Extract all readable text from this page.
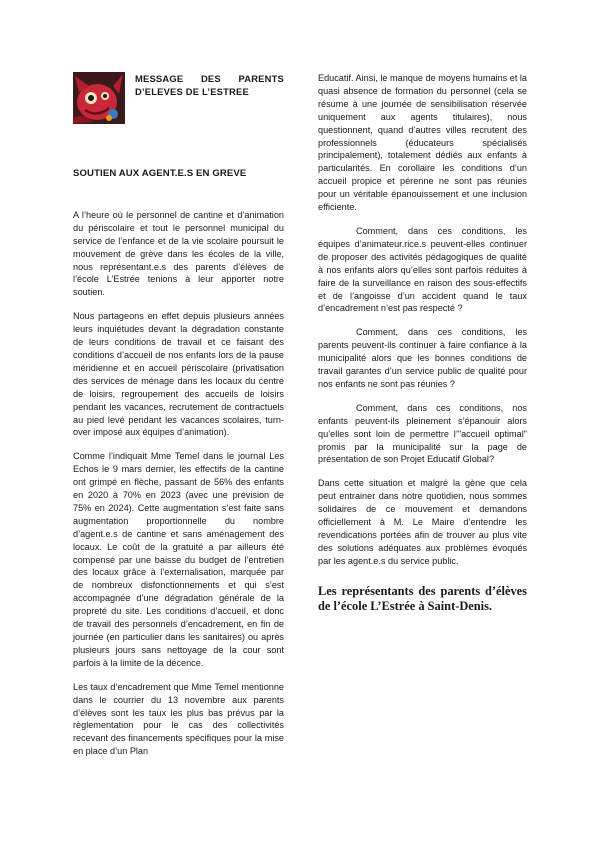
MESSAGE DES PARENTS D’ELEVES DE L’ESTREE
SOUTIEN AUX AGENT.E.S EN GREVE

A l’heure où le personnel de cantine et d’animation du périscolaire et tout le personnel municipal du service de l’enfance et de la vie scolaire poursuit le mouvement de grève dans les écoles de la ville, nous représentant.e.s des parents d’élèves de l’école L’Estrée tenions à leur apporter notre soutien.

Nous partageons en effet depuis plusieurs années leurs inquiétudes devant la dégradation constante de leurs conditions de travail et ce faisant des conditions d’accueil de nos enfants lors de la pause méridienne et en accueil périscolaire (privatisation des services de ménage dans les locaux du centre de loisirs, regroupement des accueils de loisirs pendant les vacances, recrutement de contractuels au pied levé pendant les vacances scolaires, turn-over imposé aux équipes d’animation).

Comme l’indiquait Mme Temel dans le journal Les Echos le 9 mars dernier, les effectifs de la cantine ont grimpé en flèche, passant de 56% des enfants en 2020 à 70% en 2023 (avec une prévision de 75% en 2024). Cette augmentation s’est faite sans augmentation proportionnelle du nombre d’agent.e.s de cantine et sans aménagement des locaux. Le coût de la gratuité a par ailleurs été compensé par une baisse du budget de l’entretien des locaux grâce à l’externalisation, marquée par de nombreux disfonctionnements et qui s’est accompagnée d’une dégradation générale de la propreté du site. Les conditions d’accueil, et donc de travail des personnels d’encadrement, en fin de journée (en particulier dans les sanitaires) ou après plusieurs jours sans nettoyage de la cour sont parfois à la limite de la décence.

Les taux d’encadrement que Mme Temel mentionne dans le courrier du 13 novembre aux parents d’élèves sont les taux les plus bas prévus par la règlementation pour le cas des collectivités recevant des financements spécifiques pour la mise en place d’un Plan

Educatif. Ainsi, le manque de moyens humains et la quasi absence de formation du personnel (cela se résume à une journée de sensibilisation réservée uniquement aux agents titulaires), nous questionnent, quand d’autres villes recrutent des professionnels (éducateurs spécialisés principalement), totalement dédiés aux enfants à particularités. En corollaire les conditions d’un accueil propice et pérenne ne sont pas réunies pour un véritable épanouissement et une inclusion efficiente.

Comment, dans ces conditions, les équipes d’animateur.rice.s peuvent-elles continuer de proposer des activités pédagogiques de qualité à nos enfants alors qu’elles sont parfois réduites à faire de la surveillance en raison des sous-effectifs et de l’angoisse d’un accident quand le taux d’encadrement n’est pas respecté ?

Comment, dans ces conditions, les parents peuvent-ils continuer à faire confiance à la municipalité alors que les bonnes conditions de travail garantes d’un service public de qualité pour nos enfants ne sont pas réunies ?

Comment, dans ces conditions, nos enfants peuvent-ils pleinement s’épanouir alors qu’elles sont loin de permettre l’"accueil optimal" promis par la municipalité sur la page de présentation de son Projet Educatif Global?

Dans cette situation et malgré la gène que cela peut entrainer dans notre quotidien, nous sommes solidaires de ce mouvement et demandons officiellement à M. Le Maire d’entendre les revendications portées afin de trouver au plus vite des solutions adéquates aux problèmes évoqués par les agent.e.s du service public.

Les représentants des parents d’élèves de l’école L’Estrée à Saint-Denis.
